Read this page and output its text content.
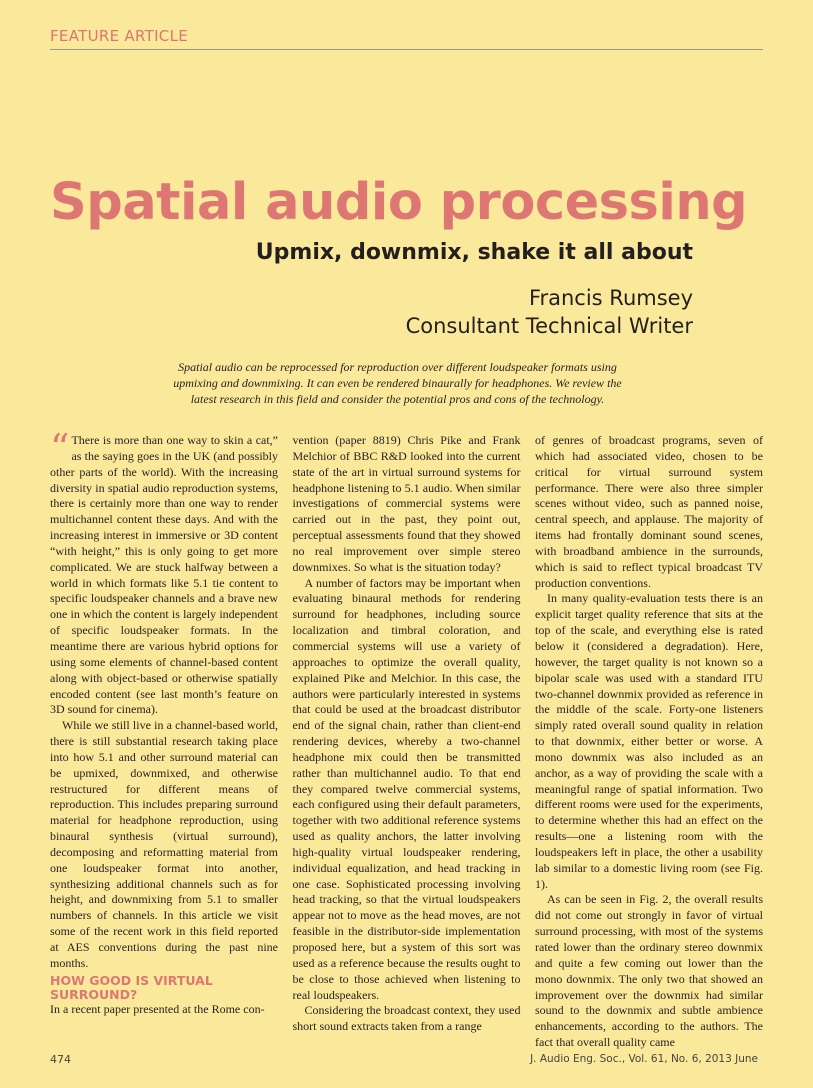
FEATURE ARTICLE
Spatial audio processing
Upmix, downmix, shake it all about
Francis Rumsey
Consultant Technical Writer
Spatial audio can be reprocessed for reproduction over different loudspeaker formats using upmixing and downmixing. It can even be rendered binaurally for headphones. We review the latest research in this field and consider the potential pros and cons of the technology.

“ There is more than one way to skin a cat,” as the saying goes in the UK (and possibly other parts of the world). With the increasing diversity in spatial audio reproduction systems, there is certainly more than one way to render multichannel content these days. And with the increasing interest in immersive or 3D content “with height,” this is only going to get more complicated. We are stuck halfway between a world in which formats like 5.1 tie content to specific loudspeaker channels and a brave new one in which the content is largely independent of specific loudspeaker formats. In the meantime there are various hybrid options for using some elements of channel-based content along with object-based or otherwise spatially encoded content (see last month’s feature on 3D sound for cinema).

While we still live in a channel-based world, there is still substantial research taking place into how 5.1 and other surround material can be upmixed, downmixed, and otherwise restructured for different means of reproduction. This includes preparing surround material for headphone reproduction, using binaural synthesis (virtual surround), decomposing and reformatting material from one loudspeaker format into another, synthesizing additional channels such as for height, and downmixing from 5.1 to smaller numbers of channels. In this article we visit some of the recent work in this field reported at AES conventions during the past nine months.

HOW GOOD IS VIRTUAL SURROUND?

In a recent paper presented at the Rome con-

vention (paper 8819) Chris Pike and Frank Melchior of BBC R&D looked into the current state of the art in virtual surround systems for headphone listening to 5.1 audio. When similar investigations of commercial systems were carried out in the past, they point out, perceptual assessments found that they showed no real improvement over simple stereo downmixes. So what is the situation today?

A number of factors may be important when evaluating binaural methods for rendering surround for headphones, including source localization and timbral coloration, and commercial systems will use a variety of approaches to optimize the overall quality, explained Pike and Melchior. In this case, the authors were particularly interested in systems that could be used at the broadcast distributor end of the signal chain, rather than client-end rendering devices, whereby a two-channel headphone mix could then be transmitted rather than multichannel audio. To that end they compared twelve commercial systems, each configured using their default parameters, together with two additional reference systems used as quality anchors, the latter involving high-quality virtual loudspeaker rendering, individual equalization, and head tracking in one case. Sophisticated processing involving head tracking, so that the virtual loudspeakers appear not to move as the head moves, are not feasible in the distributor-side implementation proposed here, but a system of this sort was used as a reference because the results ought to be close to those achieved when listening to real loudspeakers.

Considering the broadcast context, they used short sound extracts taken from a range

of genres of broadcast programs, seven of which had associated video, chosen to be critical for virtual surround system performance. There were also three simpler scenes without video, such as panned noise, central speech, and applause. The majority of items had frontally dominant sound scenes, with broadband ambience in the surrounds, which is said to reflect typical broadcast TV production conventions.

In many quality-evaluation tests there is an explicit target quality reference that sits at the top of the scale, and everything else is rated below it (considered a degradation). Here, however, the target quality is not known so a bipolar scale was used with a standard ITU two-channel downmix provided as reference in the middle of the scale. Forty-one listeners simply rated overall sound quality in relation to that downmix, either better or worse. A mono downmix was also included as an anchor, as a way of providing the scale with a meaningful range of spatial information. Two different rooms were used for the experiments, to determine whether this had an effect on the results—one a listening room with the loudspeakers left in place, the other a usability lab similar to a domestic living room (see Fig. 1).

As can be seen in Fig. 2, the overall results did not come out strongly in favor of virtual surround processing, with most of the systems rated lower than the ordinary stereo downmix and quite a few coming out lower than the mono downmix. The only two that showed an improvement over the downmix had similar sound to the downmix and subtle ambience enhancements, according to the authors. The fact that overall quality came

474	J. Audio Eng. Soc., Vol. 61, No. 6, 2013 June
